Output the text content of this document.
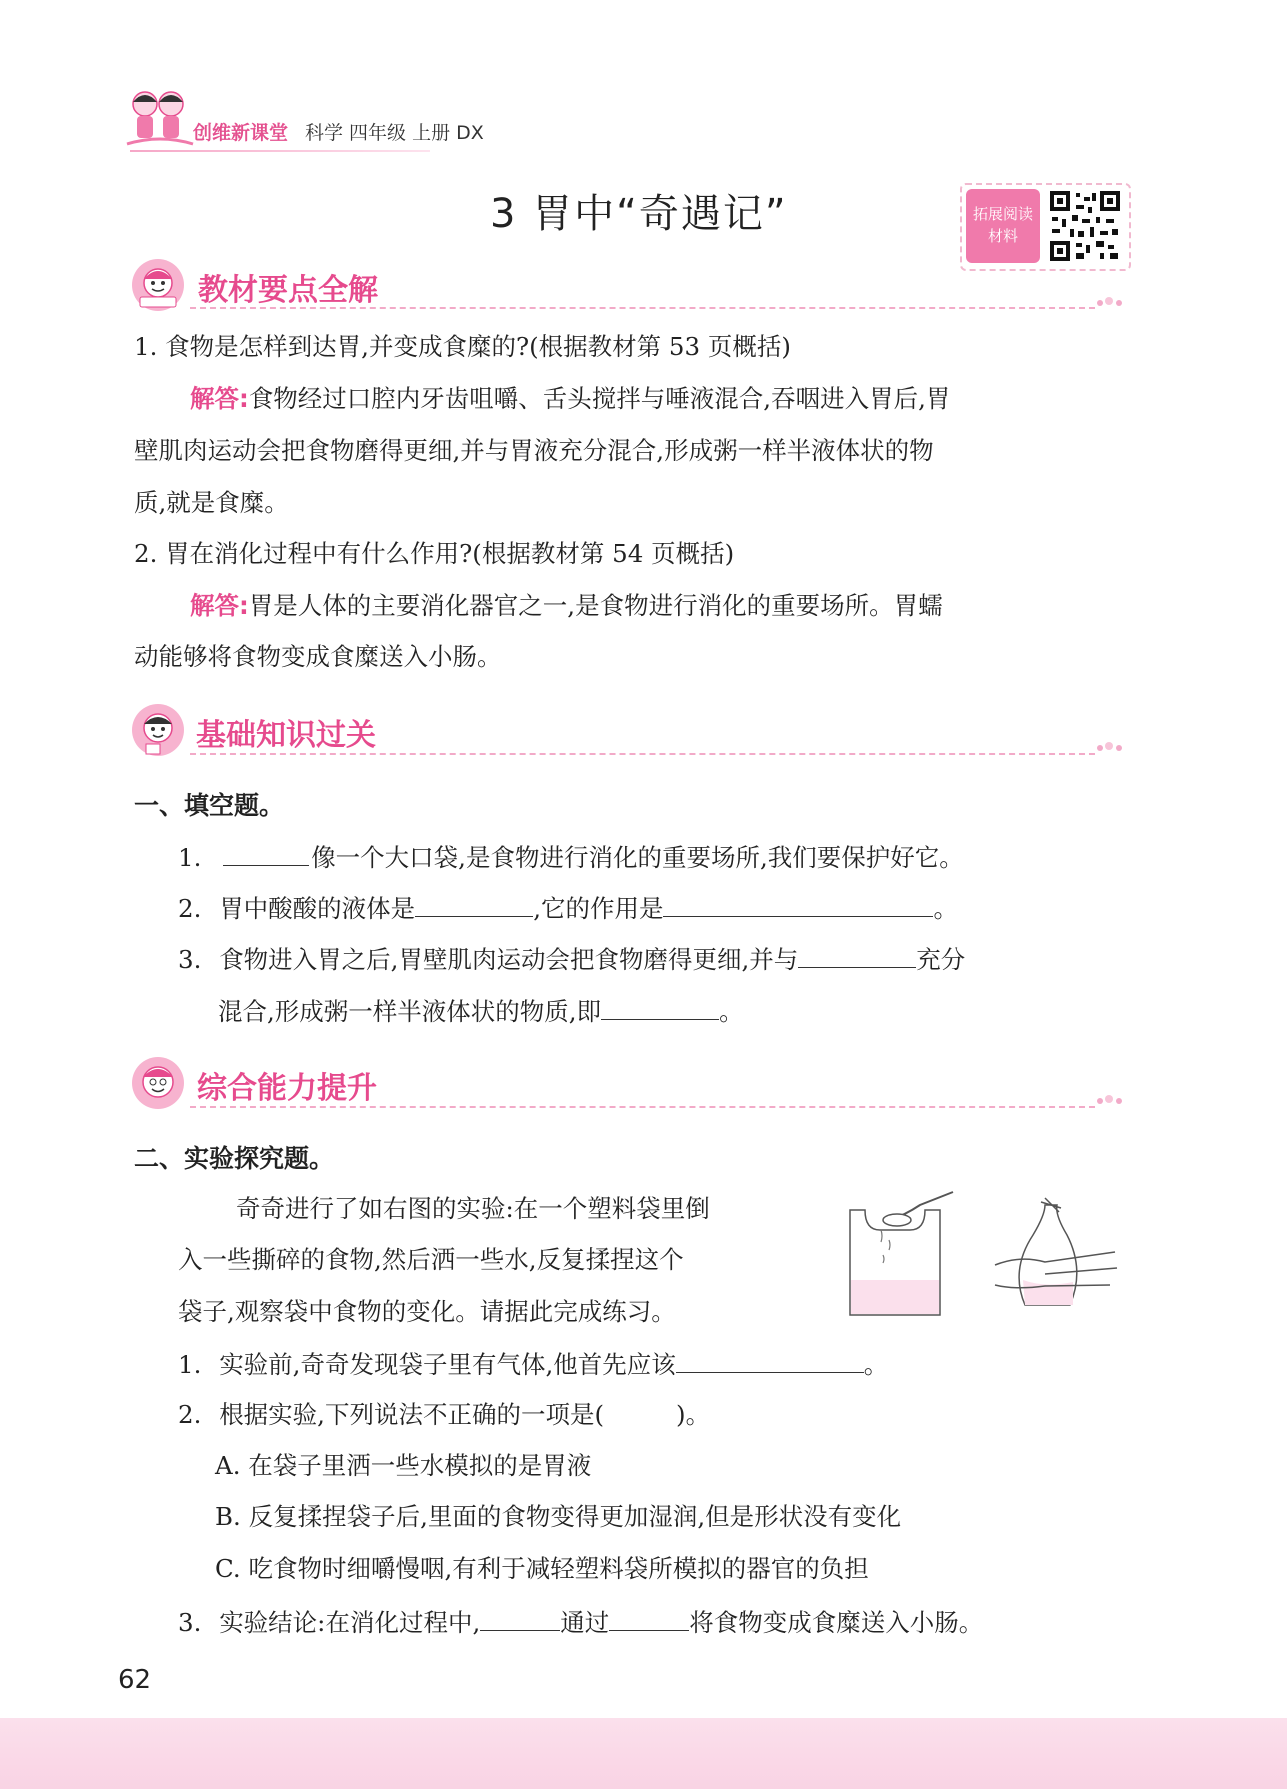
创维新课堂 科学 四年级 上册 DX
3 胃中“奇遇记”	拓展阅读
材料
教材要点全解
1. 食物是怎样到达胃,并变成食糜的?(根据教材第 53 页概括)
解答:食物经过口腔内牙齿咀嚼、舌头搅拌与唾液混合,吞咽进入胃后,胃
壁肌肉运动会把食物磨得更细,并与胃液充分混合,形成粥一样半液体状的物
质,就是食糜。
2. 胃在消化过程中有什么作用?(根据教材第 54 页概括)
解答:胃是人体的主要消化器官之一,是食物进行消化的重要场所。胃蠕
动能够将食物变成食糜送入小肠。
基础知识过关
一、填空题。
1.	像一个大口袋,是食物进行消化的重要场所,我们要保护好它。
2. 胃中酸酸的液体是	,它的作用是	。
3. 食物进入胃之后,胃壁肌肉运动会把食物磨得更细,并与	充分
混合,形成粥一样半液体状的物质,即	。
综合能力提升
二、实验探究题。
奇奇进行了如右图的实验:在一个塑料袋里倒
入一些撕碎的食物,然后洒一些水,反复揉捏这个
袋子,观察袋中食物的变化。请据此完成练习。
1. 实验前,奇奇发现袋子里有气体,他首先应该	。
2. 根据实验,下列说法不正确的一项是(	)。
A. 在袋子里洒一些水模拟的是胃液
B. 反复揉捏袋子后,里面的食物变得更加湿润,但是形状没有变化
C. 吃食物时细嚼慢咽,有利于减轻塑料袋所模拟的器官的负担
3. 实验结论:在消化过程中,	通过	将食物变成食糜送入小肠。
62
